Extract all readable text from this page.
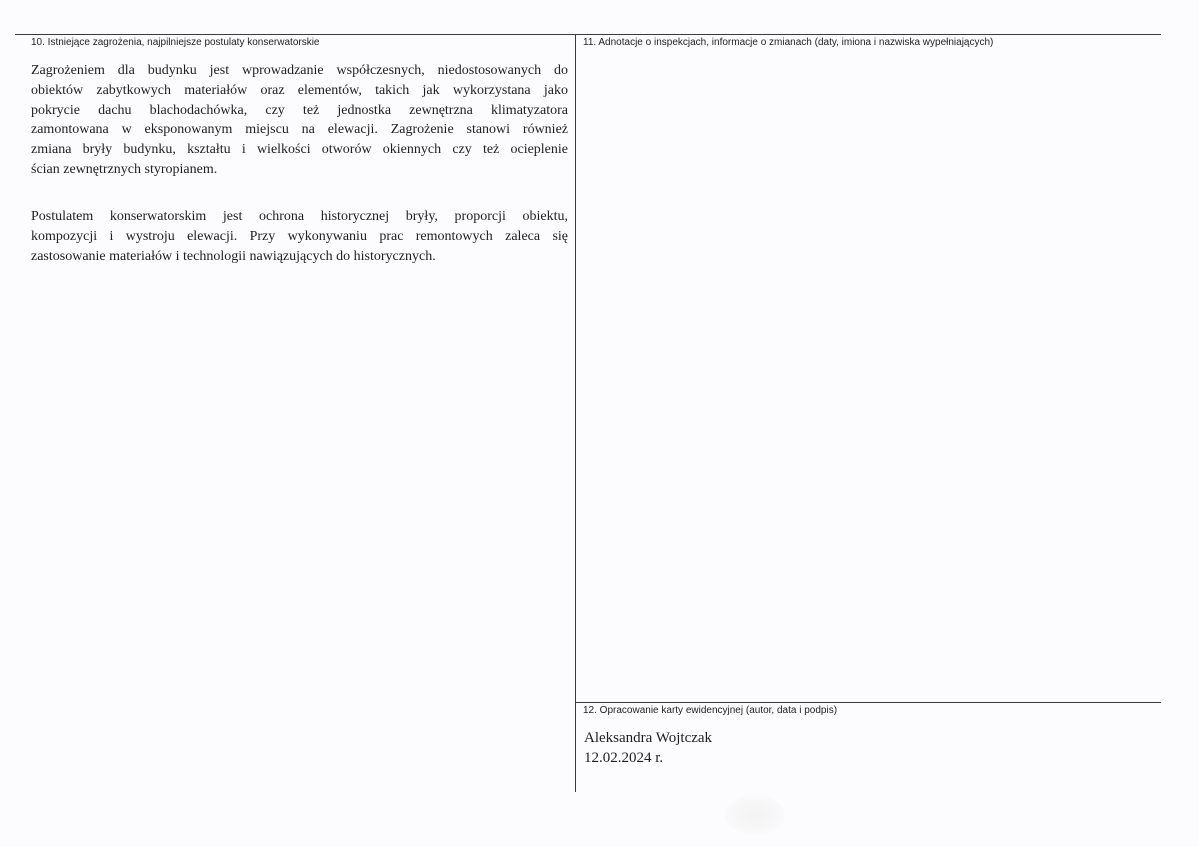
10. Istniejące zagrożenia, najpilniejsze postulaty konserwatorskie
Zagrożeniem dla budynku jest wprowadzanie współczesnych, niedostosowanych do
obiektów zabytkowych materiałów oraz elementów, takich jak wykorzystana jako
pokrycie dachu blachodachówka, czy też jednostka zewnętrzna klimatyzatora
zamontowana w eksponowanym miejscu na elewacji. Zagrożenie stanowi również
zmiana bryły budynku, kształtu i wielkości otworów okiennych czy też ocieplenie
ścian zewnętrznych styropianem.
Postulatem konserwatorskim jest ochrona historycznej bryły, proporcji obiektu,
kompozycji i wystroju elewacji. Przy wykonywaniu prac remontowych zaleca się
zastosowanie materiałów i technologii nawiązujących do historycznych.
11. Adnotacje o inspekcjach, informacje o zmianach (daty, imiona i nazwiska wypełniających)
12. Opracowanie karty ewidencyjnej (autor, data i podpis)
Aleksandra Wojtczak
12.02.2024 r.
